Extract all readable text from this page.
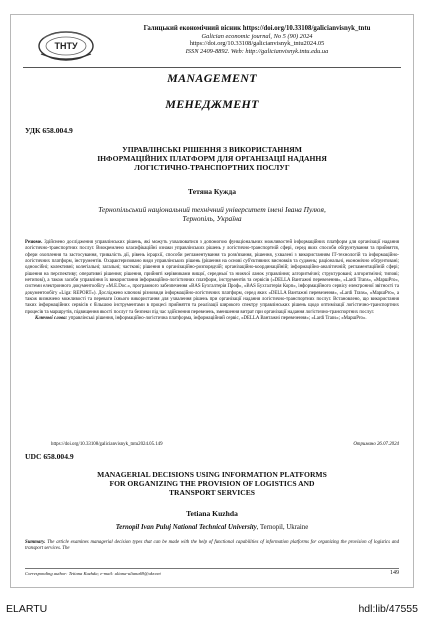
ТНТУ
Галицький економічний вісник https://doi.org/10.33108/galicianvisnyk_tntu
Galician economic journal, No 5 (90) 2024
https://doi.org/10.33108/galicianvisnyk_tntu2024.05
ISSN 2409-8892. Web: http://galicianvisnyk.tntu.edu.ua
MANAGEMENT
МЕНЕДЖМЕНТ
УДК 658.004.9
УПРАВЛІНСЬКІ РІШЕННЯ З ВИКОРИСТАННЯМ
ІНФОРМАЦІЙНИХ ПЛАТФОРМ ДЛЯ ОРГАНІЗАЦІЇ НАДАННЯ
ЛОГІСТИЧНО-ТРАНСПОРТНИХ ПОСЛУГ
Тетяна Кужда
Тернопільський національний технічний університет імені Івана Пулюя,
Тернопіль, Україна
Резюме. Здійснено дослідження управлінських рішень, які можуть ухвалюватися з допомогою функціональних можливостей інформаційних платформ для організації надання логістично-транспортних послуг. Виокремлено класифікаційні ознаки управлінських рішень у логістично-транспортній сфері, серед яких способи обґрунтування та прийняття, сфери охоплення та застосування, тривалість дії, рівень ієрархії, способи регламентування та розв'язання, рішення, ухвалені з використанням ІТ-технологій та інформаційно-логістичних платформ, інструментів. Охарактеризовано види управлінських рішень (рішення на основі суб'єктивних висновків та суджень; раціональні, економічно обґрунтовані; одноосібні; колективні; колегіальні; загальні; часткові; рішення в організаційно-розпорядчій; організаційно-координаційній; інформаційно-аналітичній; регламентаційній сфері; рішення на перспективу; оперативні рішення; рішення, прийняті керівниками вищої, середньої та нижчої ланок управління; алгоритмічні; структуровані; алгоритмічні; типові; нетипові), а також засоби управління їх використання інформаційно-логістичних платформ, інструментів та сервісів («DELLA Вантажні перевезення», «Lardi Trans», «МаршPro», системи електронного документообігу «M.E.Doc.», програмного забезпечення «BAS Бухгалтерія Проф», «BAS Бухгалтерія Корп», інформаційного сервісу електронної звітності та документообігу «Liga: REPORT»). Досліджено ключові різновиди інформаційно-логістичних платформ, серед яких «DELLA Вантажні перевезення», «Lardi Trans», «МаршPro», а також визначено можливості та переваги їхнього використання для ухвалення рішень при організації надання логістично-транспортних послуг. Встановлено, що використання таких інформаційних сервісів є більшою інструментами в процесі прийняття та реалізації широкого спектру управлінських рішень щодо оптимізації логістично-транспортних процесів та маршрутів, підвищення якості послуг та безпеки під час здійснення перевезень, зменшення витрат при організації надання логістично-транспортних послуг.
Ключові слова: управлінські рішення, інформаційно-логістична платформа, інформаційний сервіс, «DELLA Вантажні перевезення»; «Lardi Trans»; «МаршPro».
https://doi.org/10.33108/galicianvisnyk_tntu2024.05.149	Отримано 26.07.2024
UDC 658.004.9
MANAGERIAL DECISIONS USING INFORMATION PLATFORMS
FOR ORGANIZING THE PROVISION OF LOGISTICS AND
TRANSPORT SERVICES
Tetiana Kuzhda
Ternopil Ivan Puluj National Technical University, Ternopil, Ukraine
Summary. The article examines managerial decision types that can be made with the help of functional capabilities of information platforms for organizing the provision of logistics and transport services. The
Corresponding author: Tetiana Kuzhda; e-mail: uliana-uliana69@ukr.net	149
ELARTU	hdl:lib/47555
